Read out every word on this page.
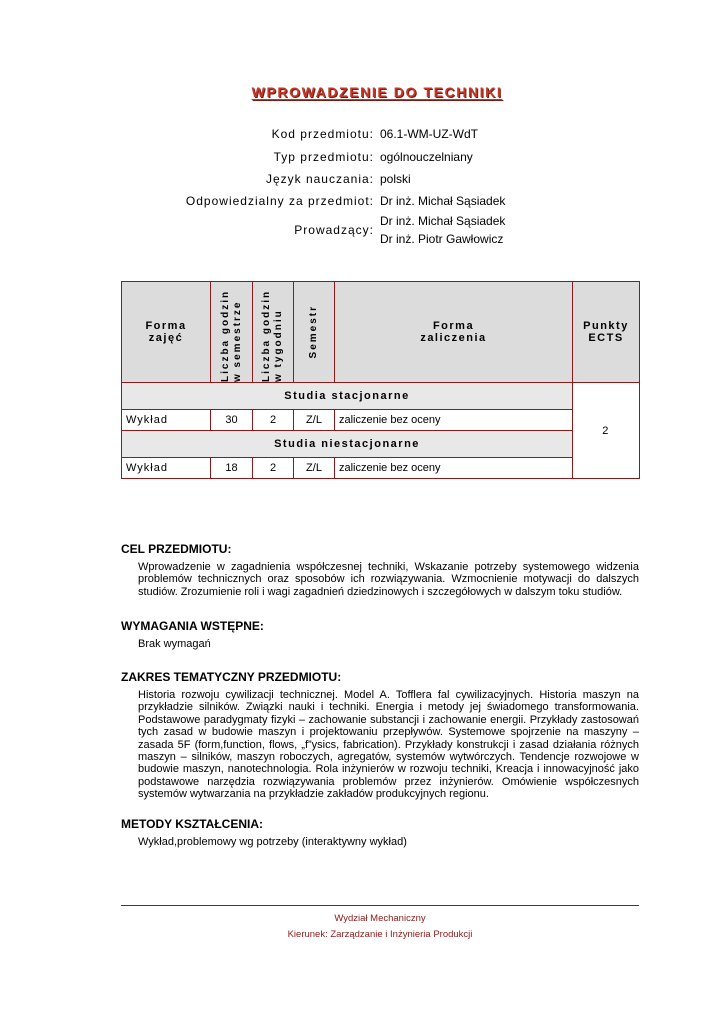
WPROWADZENIE DO TECHNIKI
Kod przedmiotu: 06.1-WM-UZ-WdT
Typ przedmiotu: ogólnouczelniany
Język nauczania: polski
Odpowiedzialny za przedmiot: Dr inż. Michał Sąsiadek
Prowadzący:
Dr inż. Michał Sąsiadek
Dr inż. Piotr Gawłowicz
Forma zajęć	Liczba godzin w semestrze	Liczba godzin w tygodniu	Semestr	Forma zaliczenia	Punkty ECTS
Studia stacjonarne					2
Wykład	30	2	Z/L	zaliczenie bez oceny	
Studia niestacjonarne					
Wykład	18	2	Z/L	zaliczenie bez oceny	
CEL PRZEDMIOTU:

Wprowadzenie w zagadnienia współczesnej techniki, Wskazanie potrzeby systemowego widzenia problemów technicznych oraz sposobów ich rozwiązywania. Wzmocnienie motywacji do dalszych studiów. Zrozumienie roli i wagi zagadnień dziedzinowych i szczegółowych w dalszym toku studiów.

WYMAGANIA WSTĘPNE:

Brak wymagań

ZAKRES TEMATYCZNY PRZEDMIOTU:

Historia rozwoju cywilizacji technicznej. Model A. Tofflera fal cywilizacyjnych. Historia maszyn na przykładzie silników. Związki nauki i techniki. Energia i metody jej świadomego transformowania. Podstawowe paradygmaty fizyki – zachowanie substancji i zachowanie energii. Przykłady zastosowań tych zasad w budowie maszyn i projektowaniu przepływów. Systemowe spojrzenie na maszyny – zasada 5F (form,function, flows, „f”ysics, fabrication). Przykłady konstrukcji i zasad działania różnych maszyn – silników, maszyn roboczych, agregatów, systemów wytwórczych. Tendencje rozwojowe w budowie maszyn, nanotechnologia. Rola inżynierów w rozwoju techniki, Kreacja i innowacyjność jako podstawowe narzędzia rozwiązywania problemów przez inżynierów. Omówienie współczesnych systemów wytwarzania na przykładzie zakładów produkcyjnych regionu.

METODY KSZTAŁCENIA:

Wykład,problemowy wg potrzeby (interaktywny wykład)

Wydział Mechaniczny
Kierunek: Zarządzanie i Inżynieria Produkcji
